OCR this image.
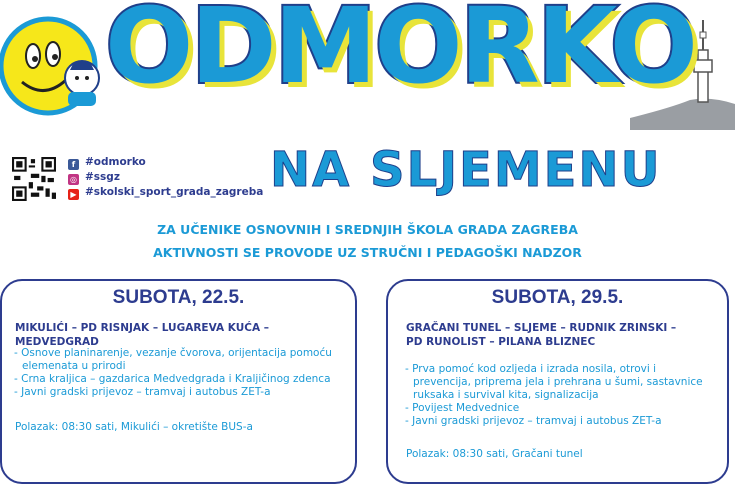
ODMORKO
NA SLJEMENU
f #odmorko
◎ #ssgz
▶ #skolski_sport_grada_zagreba
ZA UČENIKE OSNOVNIH I SREDNJIH ŠKOLA GRADA ZAGREBA
AKTIVNOSTI SE PROVODE UZ STRUČNI I PEDAGOŠKI NADZOR
SUBOTA, 22.5.
MIKULIĆI – PD RISNJAK – LUGAREVA KUĆA – MEDVEDGRAD
- Osnove planinarenje, vezanje čvorova, orijentacija pomoću elemenata u prirodi
- Crna kraljica – gazdarica Medvedgrada i Kraljičinog zdenca
- Javni gradski prijevoz – tramvaj i autobus ZET-a
Polazak: 08:30 sati, Mikulići – okretište BUS-a
SUBOTA, 29.5.
GRAČANI TUNEL – SLJEME – RUDNIK ZRINSKI –
PD RUNOLIST – PILANA BLIZNEC
- Prva pomoć kod ozljeda i izrada nosila, otrovi i prevencija, priprema jela i prehrana u šumi, sastavnice ruksaka i survival kita, signalizacija
- Povijest Medvednice
- Javni gradski prijevoz – tramvaj i autobus ZET-a
Polazak: 08:30 sati, Gračani tunel
